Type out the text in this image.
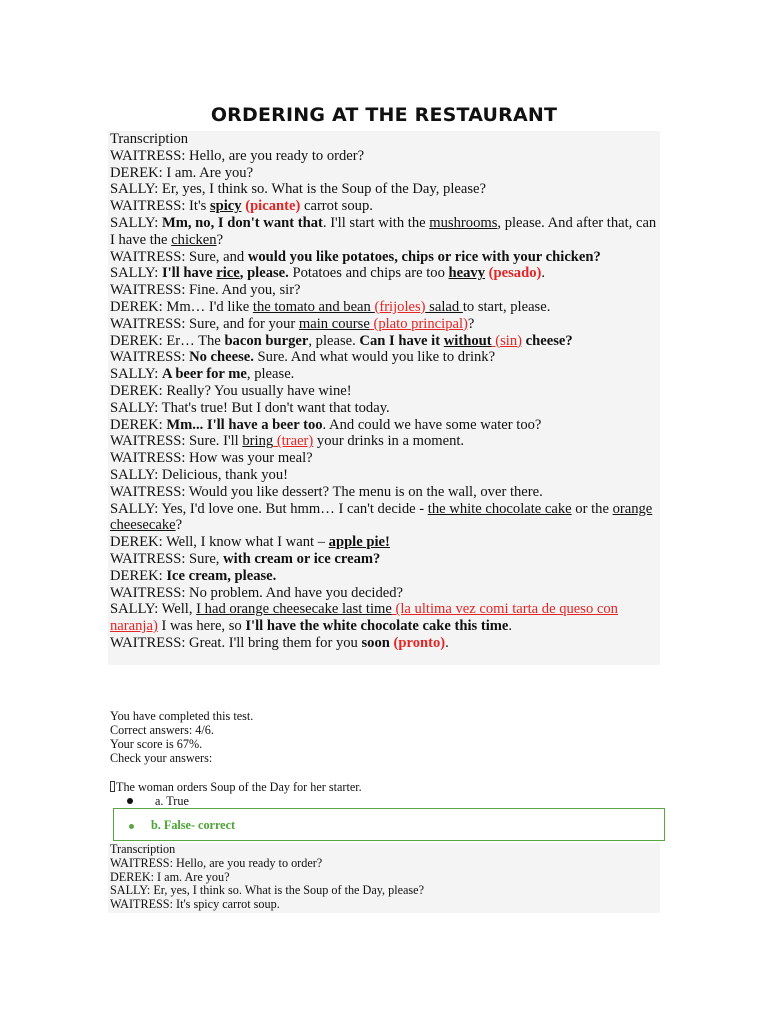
ORDERING AT THE RESTAURANT
Transcription
WAITRESS: Hello, are you ready to order?
DEREK: I am. Are you?
SALLY: Er, yes, I think so. What is the Soup of the Day, please?
WAITRESS: It's spicy (picante) carrot soup.
SALLY: Mm, no, I don't want that. I'll start with the mushrooms, please. And after that, can I have the chicken?
WAITRESS: Sure, and would you like potatoes, chips or rice with your chicken?
SALLY: I'll have rice, please. Potatoes and chips are too heavy (pesado).
WAITRESS: Fine. And you, sir?
DEREK: Mm… I'd like the tomato and bean (frijoles) salad to start, please.
WAITRESS: Sure, and for your main course (plato principal)?
DEREK: Er… The bacon burger, please. Can I have it without (sin) cheese?
WAITRESS: No cheese. Sure. And what would you like to drink?
SALLY: A beer for me, please.
DEREK: Really? You usually have wine!
SALLY: That's true! But I don't want that today.
DEREK: Mm... I'll have a beer too. And could we have some water too?
WAITRESS: Sure. I'll bring (traer) your drinks in a moment.
WAITRESS: How was your meal?
SALLY: Delicious, thank you!
WAITRESS: Would you like dessert? The menu is on the wall, over there.
SALLY: Yes, I'd love one. But hmm… I can't decide - the white chocolate cake or the orange cheesecake?
DEREK: Well, I know what I want – apple pie!
WAITRESS: Sure, with cream or ice cream?
DEREK: Ice cream, please.
WAITRESS: No problem. And have you decided?
SALLY: Well, I had orange cheesecake last time (la ultima vez comi tarta de queso con naranja) I was here, so I'll have the white chocolate cake this time.
WAITRESS: Great. I'll bring them for you soon (pronto).
You have completed this test.
Correct answers: 4/6.
Your score is 67%.
Check your answers:
The woman orders Soup of the Day for her starter.
a. True
b. False- correct
Transcription
WAITRESS: Hello, are you ready to order?
DEREK: I am. Are you?
SALLY: Er, yes, I think so. What is the Soup of the Day, please?
WAITRESS: It's spicy carrot soup.
